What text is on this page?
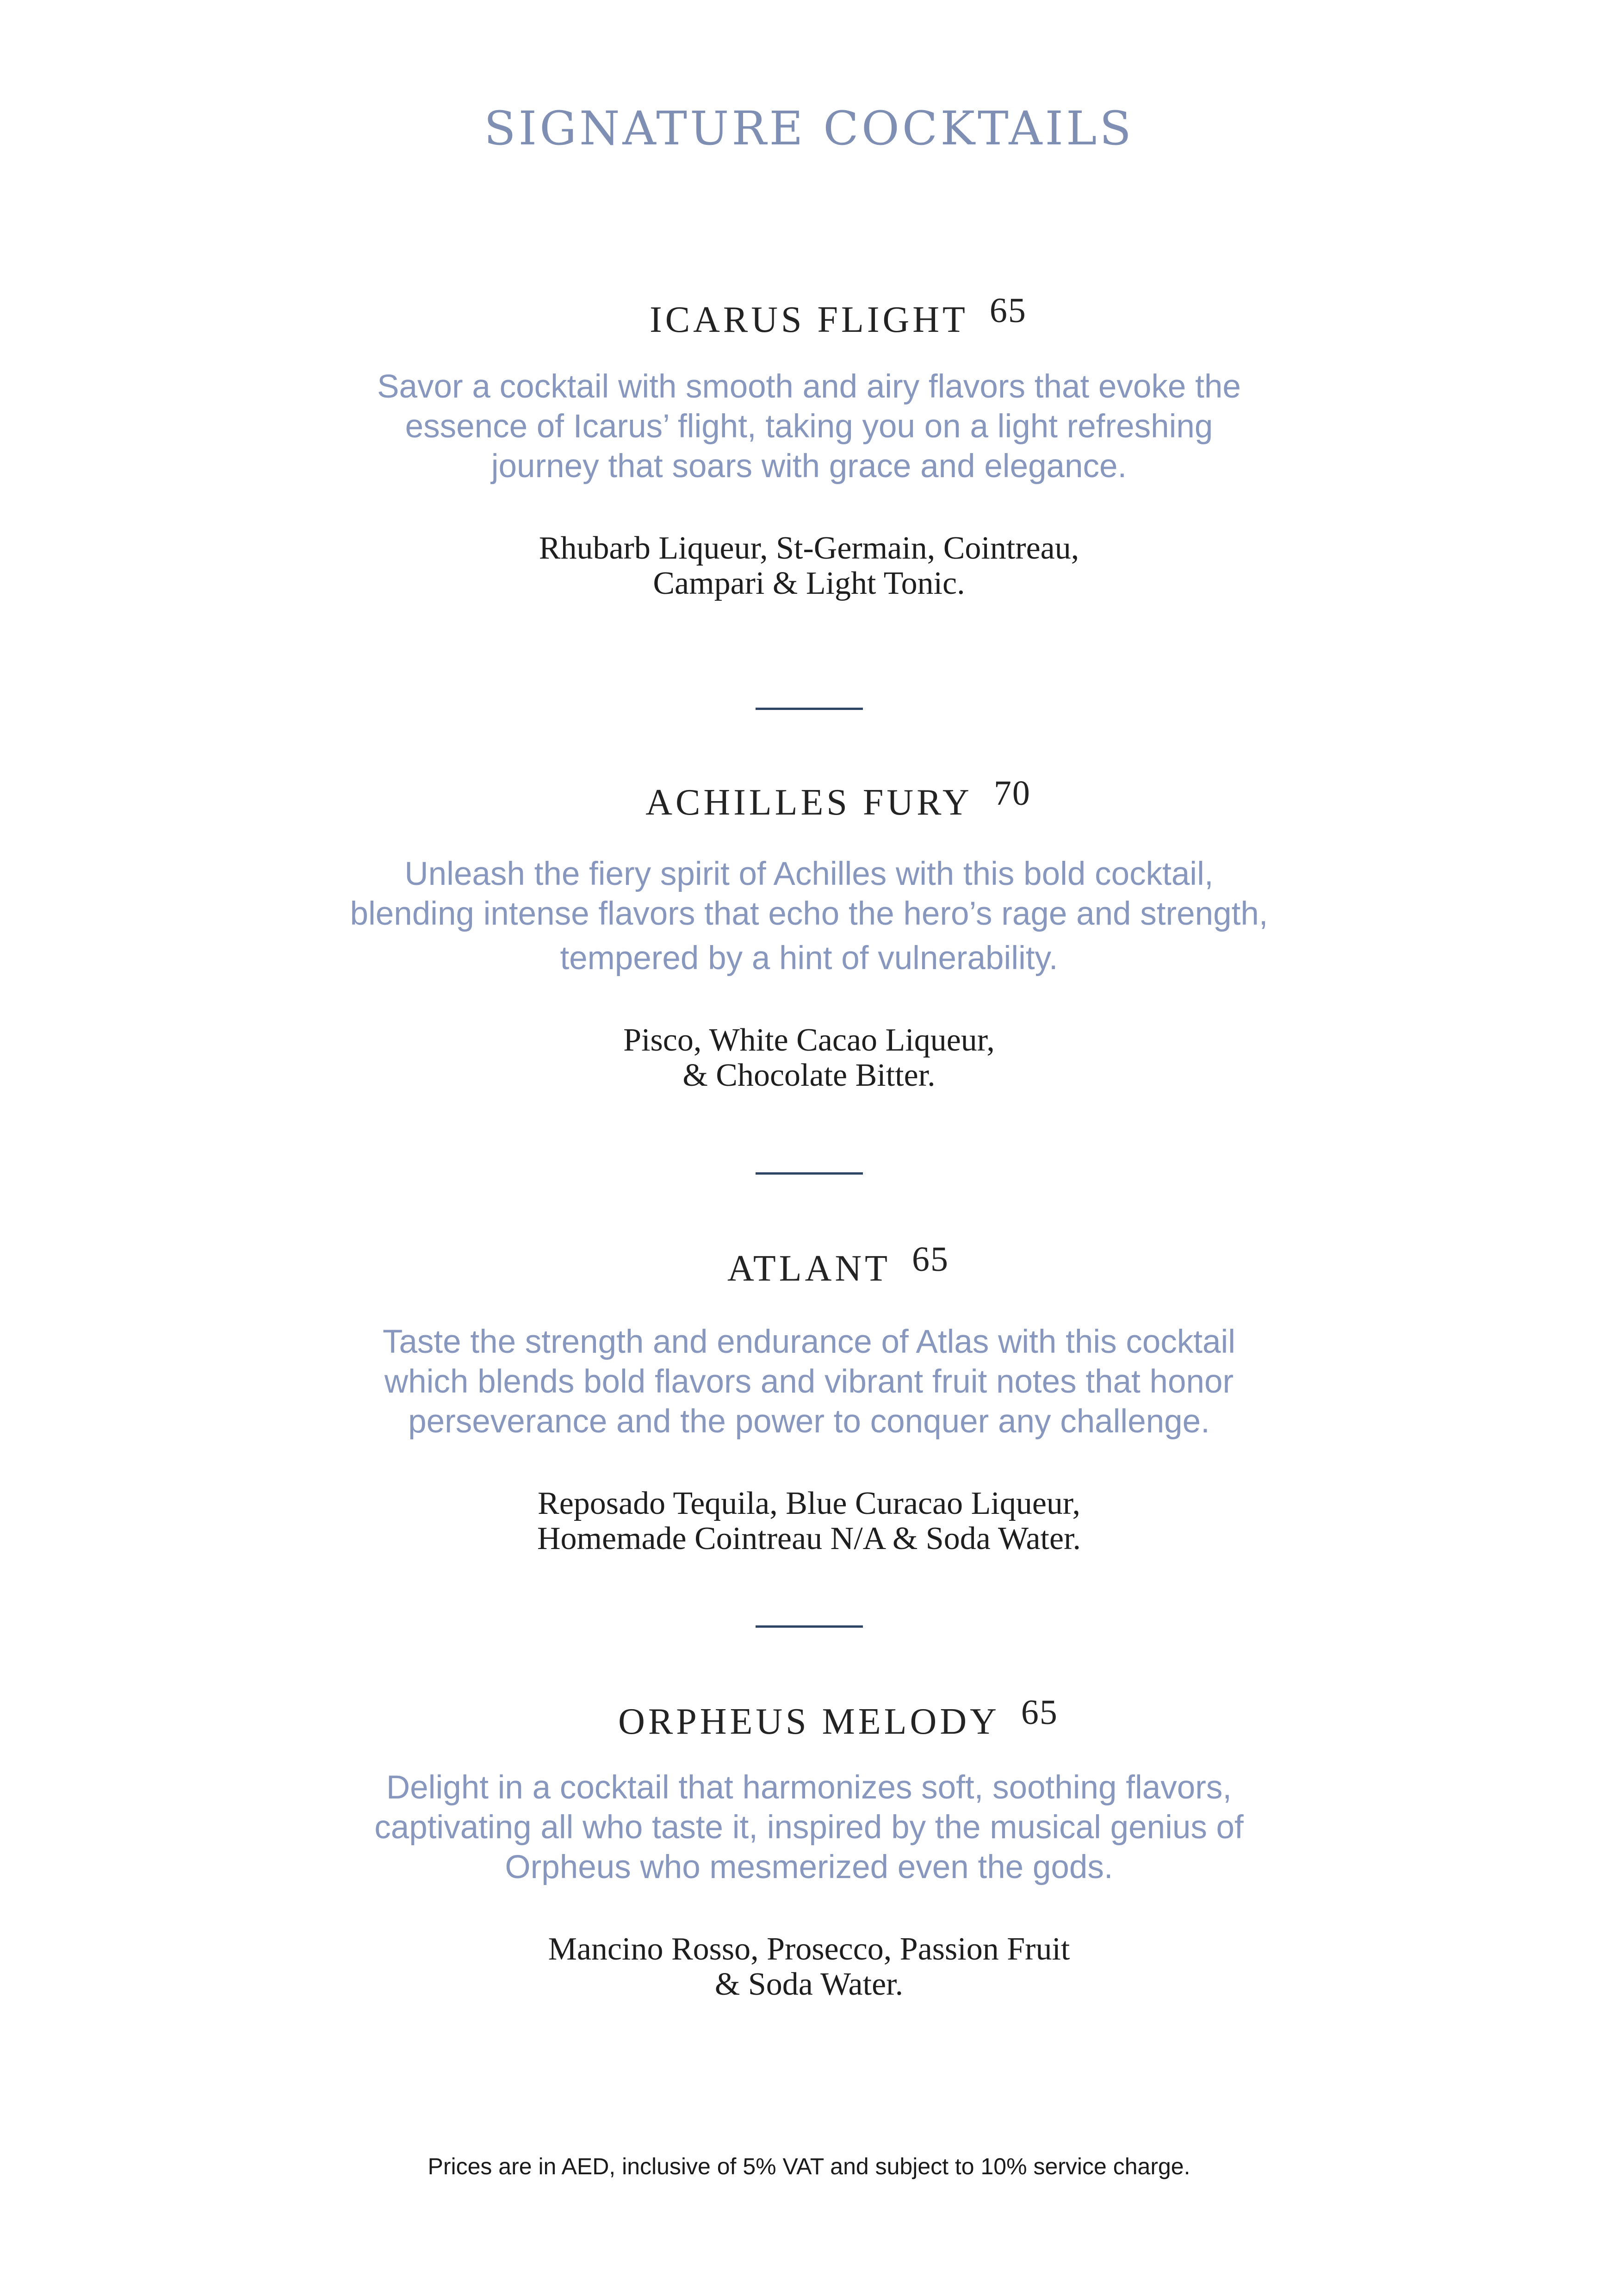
SIGNATURE COCKTAILS
ICARUS FLIGHT 65
Savor a cocktail with smooth and airy flavors that evoke the
essence of Icarus’ flight, taking you on a light refreshing
journey that soars with grace and elegance.
Rhubarb Liqueur, St-Germain, Cointreau,
Campari & Light Tonic.
ACHILLES FURY 70
Unleash the fiery spirit of Achilles with this bold cocktail,
blending intense flavors that echo the hero’s rage and strength,
tempered by a hint of vulnerability.
Pisco, White Cacao Liqueur,
& Chocolate Bitter.
ATLANT 65
Taste the strength and endurance of Atlas with this cocktail
which blends bold flavors and vibrant fruit notes that honor
perseverance and the power to conquer any challenge.
Reposado Tequila, Blue Curacao Liqueur,
Homemade Cointreau N/A & Soda Water.
ORPHEUS MELODY 65
Delight in a cocktail that harmonizes soft, soothing flavors,
captivating all who taste it, inspired by the musical genius of
Orpheus who mesmerized even the gods.
Mancino Rosso, Prosecco, Passion Fruit
& Soda Water.
Prices are in AED, inclusive of 5% VAT and subject to 10% service charge.
